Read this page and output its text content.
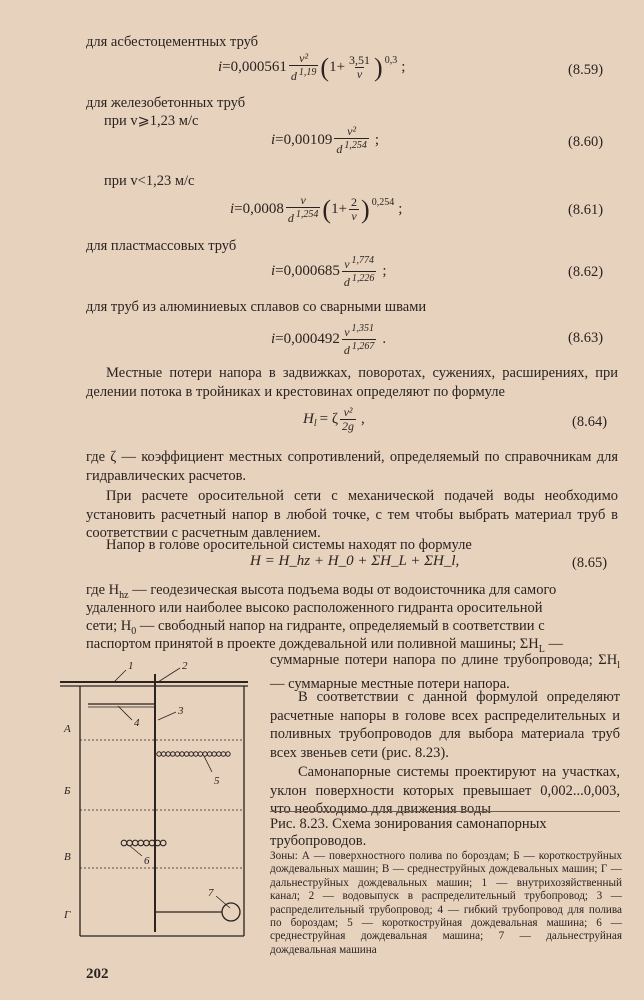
для асбестоцементных труб
$i =0,000561 \frac{\text{v²}}{d ^{1,19}}$ ( $1+ \frac{3,51}{v}$ ) 0,3 ;	(8.59)
для железобетонных труб
при v⩾1,23 м/с
$i =0,00109 \frac{\text{v²}}{d ^{1,254}}$ ;	(8.60)
при v<1,23 м/с
$i =0,0008 \frac{v}{d ^{1,254}}$ ( $1+ \frac{2}{v}$ ) 0,254 ;	(8.61)
для пластмассовых труб
$i =0,000685 \frac{v ^{1,774}}{d ^{1,226}}$ ;	(8.62)
для труб из алюминиевых сплавов со сварными швами
$i =0,000492 \frac{v ^{1,351}}{d ^{1,267}}$ .	(8.63)
Местные потери напора в задвижках, поворотах, сужениях, расширениях, при делении потока в тройниках и крестовинах определяют по формуле
H l = ζ $\frac{\text{v²}}{2g}$ ,	(8.64)
где ζ — коэффициент местных сопротивлений, определяемый по справочникам для гидравлических расчетов.
При расчете оросительной сети с механической подачей воды необходимо установить расчетный напор в любой точке, с тем чтобы выбрать материал труб в соответствии с расчетным давлением.
Напор в голове оросительной системы находят по формуле
H = H_hz + H_0 + ΣH_L + ΣH_l,	(8.65)
где $H_{hz}$ — геодезическая высота подъема воды от водоисточника для самого
удаленного или наиболее высоко расположенного гидранта оросительной
сети; $H_0$ — свободный напор на гидранте, определяемый в соответствии с
паспортом принятой в проекте дождевальной или поливной машины; $\Sigma H_L$ —
суммарные потери напора по длине трубопровода; $\Sigma H_l$ — суммарные местные потери напора.
В соответствии с данной формулой определяют расчетные напоры в голове всех распределительных и поливных трубопроводов для выбора материала труб всех звеньев сети (рис. 8.23).
Самонапорные системы проектируют на участках, уклон поверхности которых превышает 0,002...0,003, что необходимо для движения воды
А
Б
В
Г
1	2
3
4
5
6
7
Рис. 8.23. Схема зонирования самонапорных трубопроводов.
Зоны: А — поверхностного полива по бороздам; Б — короткоструйных дождевальных машин; В — среднеструйных дождевальных машин; Г — дальнеструйных дождевальных машин; 1 — внутрихозяйственный канал; 2 — водовыпуск в распределительный трубопровод; 3 — распределительный трубопровод; 4 — гибкий трубопровод для полива по бороздам; 5 — короткоструйная дождевальная машина; 6 — среднеструйная дождевальная машина; 7 — дальнеструйная дождевальная машина
202
